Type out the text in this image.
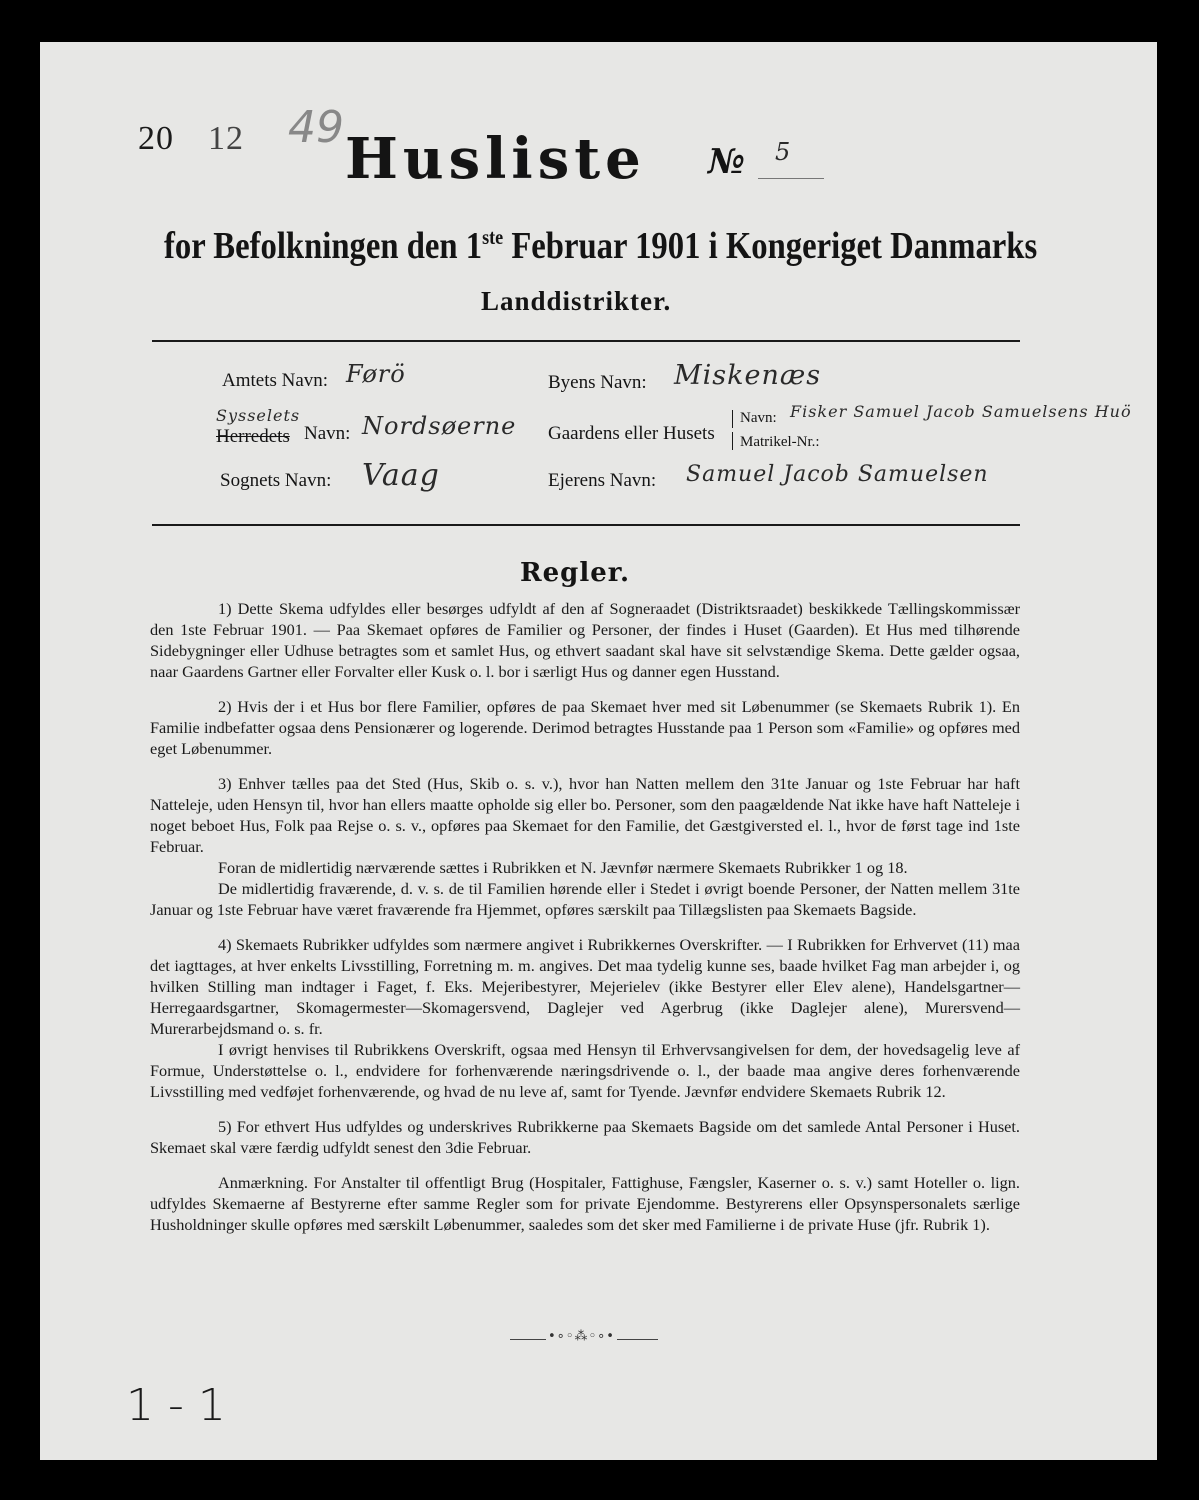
20 12 49 Husliste № 5
for Befolkningen den 1ste Februar 1901 i Kongeriget Danmarks
Landdistrikter.
Amtets Navn: Førö
Sysselets
Herredets Navn: Nordsøerne
Sognets Navn: Vaag
Byens Navn: Miskenæs
Gaardens eller Husets
Navn: Fisker Samuel Jacob Samuelsens Huö
Matrikel-Nr.:
Ejerens Navn: Samuel Jacob Samuelsen
Regler.

1) Dette Skema udfyldes eller besørges udfyldt af den af Sogneraadet (Distriktsraadet) beskikkede Tællingskommissær den 1ste Februar 1901. — Paa Skemaet opføres de Familier og Personer, der findes i Huset (Gaarden). Et Hus med tilhørende Sidebygninger eller Udhuse betragtes som et samlet Hus, og ethvert saadant skal have sit selvstændige Skema. Dette gælder ogsaa, naar Gaardens Gartner eller Forvalter eller Kusk o. l. bor i særligt Hus og danner egen Husstand.

2) Hvis der i et Hus bor flere Familier, opføres de paa Skemaet hver med sit Løbenummer (se Skemaets Rubrik 1). En Familie indbefatter ogsaa dens Pensionærer og logerende. Derimod betragtes Husstande paa 1 Person som «Familie» og opføres med eget Løbenummer.

3) Enhver tælles paa det Sted (Hus, Skib o. s. v.), hvor han Natten mellem den 31te Januar og 1ste Februar har haft Natteleje, uden Hensyn til, hvor han ellers maatte opholde sig eller bo. Personer, som den paagældende Nat ikke have haft Natteleje i noget beboet Hus, Folk paa Rejse o. s. v., opføres paa Skemaet for den Familie, det Gæstgiversted el. l., hvor de først tage ind 1ste Februar.

Foran de midlertidig nærværende sættes i Rubrikken et N. Jævnfør nærmere Skemaets Rubrikker 1 og 18.

De midlertidig fraværende, d. v. s. de til Familien hørende eller i Stedet i øvrigt boende Personer, der Natten mellem 31te Januar og 1ste Februar have været fraværende fra Hjemmet, opføres særskilt paa Tillægslisten paa Skemaets Bagside.

4) Skemaets Rubrikker udfyldes som nærmere angivet i Rubrikkernes Overskrifter. — I Rubrikken for Erhvervet (11) maa det iagttages, at hver enkelts Livsstilling, Forretning m. m. angives. Det maa tydelig kunne ses, baade hvilket Fag man arbejder i, og hvilken Stilling man indtager i Faget, f. Eks. Mejeribestyrer, Mejerielev (ikke Bestyrer eller Elev alene), Handelsgartner—Herregaardsgartner, Skomagermester—Skomagersvend, Daglejer ved Agerbrug (ikke Daglejer alene), Murersvend—Murerarbejdsmand o. s. fr.

I øvrigt henvises til Rubrikkens Overskrift, ogsaa med Hensyn til Erhvervsangivelsen for dem, der hovedsagelig leve af Formue, Understøttelse o. l., endvidere for forhenværende næringsdrivende o. l., der baade maa angive deres forhenværende Livsstilling med vedføjet forhenværende, og hvad de nu leve af, samt for Tyende. Jævnfør endvidere Skemaets Rubrik 12.

5) For ethvert Hus udfyldes og underskrives Rubrikkerne paa Skemaets Bagside om det samlede Antal Personer i Huset. Skemaet skal være færdig udfyldt senest den 3die Februar.

Anmærkning. For Anstalter til offentligt Brug (Hospitaler, Fattighuse, Fængsler, Kaserner o. s. v.) samt Hoteller o. lign. udfyldes Skemaerne af Bestyrerne efter samme Regler som for private Ejendomme. Bestyrerens eller Opsynspersonalets særlige Husholdninger skulle opføres med særskilt Løbenummer, saaledes som det sker med Familierne i de private Huse (jfr. Rubrik 1).

1 - 1
•∘◦⁂◦∘•
